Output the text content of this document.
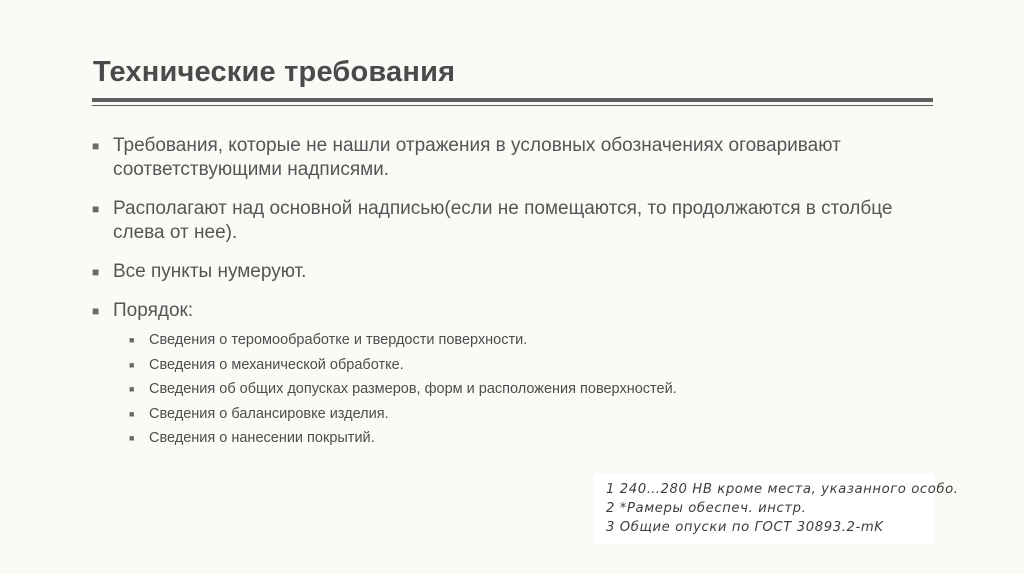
Технические требования
■ Требования, которые не нашли отражения в условных обозначениях оговаривают соответствующими надписями.
■ Располагают над основной надписью(если не помещаются, то продолжаются в столбце слева от нее).
■ Все пункты нумеруют.
■ Порядок:
■ Сведения о теромообработке и твердости поверхности.
■ Сведения о механической обработке.
■ Сведения об общих допусках размеров, форм и расположения поверхностей.
■ Сведения о балансировке изделия.
■ Сведения о нанесении покрытий.
1 240…280 НВ кроме места, указанного особо.
2 *Pамеры обеспеч. инстр.
3 Общие опуски по ГОСТ 30893.2-mK
